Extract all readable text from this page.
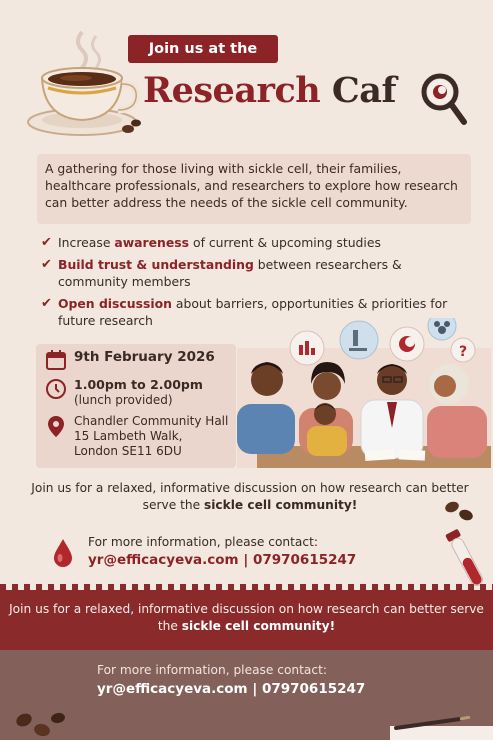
Join us at the
Research Caf
A gathering for those living with sickle cell, their families, healthcare professionals, and researchers to explore how research can better address the needs of the sickle cell community.
✔ Increase awareness of current & upcoming studies
✔ Build trust & understanding between researchers & community members
✔ Open discussion about barriers, opportunities & priorities for future research
9th February 2026
1.00pm to 2.00pm
(lunch provided)
Chandler Community Hall
15 Lambeth Walk,
London SE11 6DU
?
Join us for a relaxed, informative discussion on how research can better serve the sickle cell community!
For more information, please contact:
yr@efficacyeva.com | 07970615247
Join us for a relaxed, informative discussion on how research can better serve the sickle cell community!
For more information, please contact:
yr@efficacyeva.com | 07970615247
